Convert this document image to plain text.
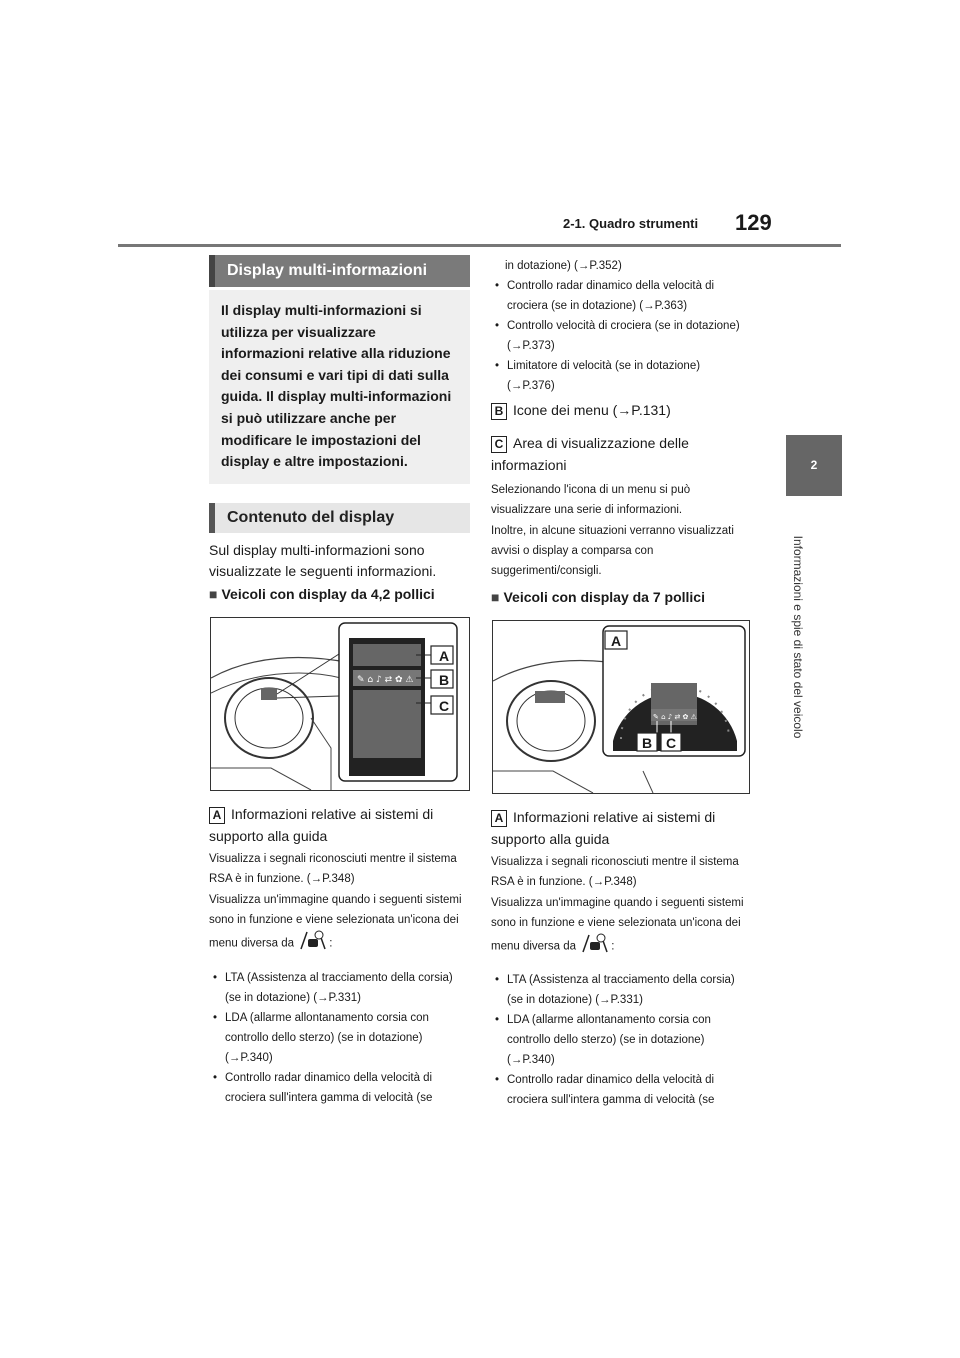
2-1. Quadro strumenti 129
2
Informazioni e spie di stato del veicolo
Display multi-informazioni
Il display multi-informazioni si utilizza per visualizzare informazioni relative alla riduzione dei consumi e vari tipi di dati sulla guida. Il display multi-informazioni si può utilizzare anche per modificare le impostazioni del display e altre impostazioni.
Contenuto del display
Sul display multi-informazioni sono visualizzate le seguenti informazioni.
■ Veicoli con display da 4,2 pollici
✎ ⌂ ♪ ⇄ ✿ ⚠
A
B
C
A Informazioni relative ai sistemi di supporto alla guida
Visualizza i segnali riconosciuti mentre il sistema RSA è in funzione. (→P.348)
Visualizza un'immagine quando i seguenti sistemi sono in funzione e viene selezionata un'icona dei menu diversa da	:
• LTA (Assistenza al tracciamento della corsia) (se in dotazione) (→P.331)
• LDA (allarme allontanamento corsia con controllo dello sterzo) (se in dotazione) (→P.340)
• Controllo radar dinamico della velocità di crociera sull'intera gamma di velocità (se
in dotazione) (→P.352)
• Controllo radar dinamico della velocità di crociera (se in dotazione) (→P.363)
• Controllo velocità di crociera (se in dotazione) (→P.373)
• Limitatore di velocità (se in dotazione) (→P.376)
B Icone dei menu (→P.131)
C Area di visualizzazione delle informazioni
Selezionando l'icona di un menu si può visualizzare una serie di informazioni.
Inoltre, in alcune situazioni verranno visualizzati avvisi o display a comparsa con suggerimenti/consigli.
■ Veicoli con display da 7 pollici
✎ ⌂ ♪ ⇄ ✿ ⚠
A
B C
A Informazioni relative ai sistemi di supporto alla guida
Visualizza i segnali riconosciuti mentre il sistema RSA è in funzione. (→P.348)
Visualizza un'immagine quando i seguenti sistemi sono in funzione e viene selezionata un'icona dei menu diversa da	:
• LTA (Assistenza al tracciamento della corsia) (se in dotazione) (→P.331)
• LDA (allarme allontanamento corsia con controllo dello sterzo) (se in dotazione) (→P.340)
• Controllo radar dinamico della velocità di crociera sull'intera gamma di velocità (se
